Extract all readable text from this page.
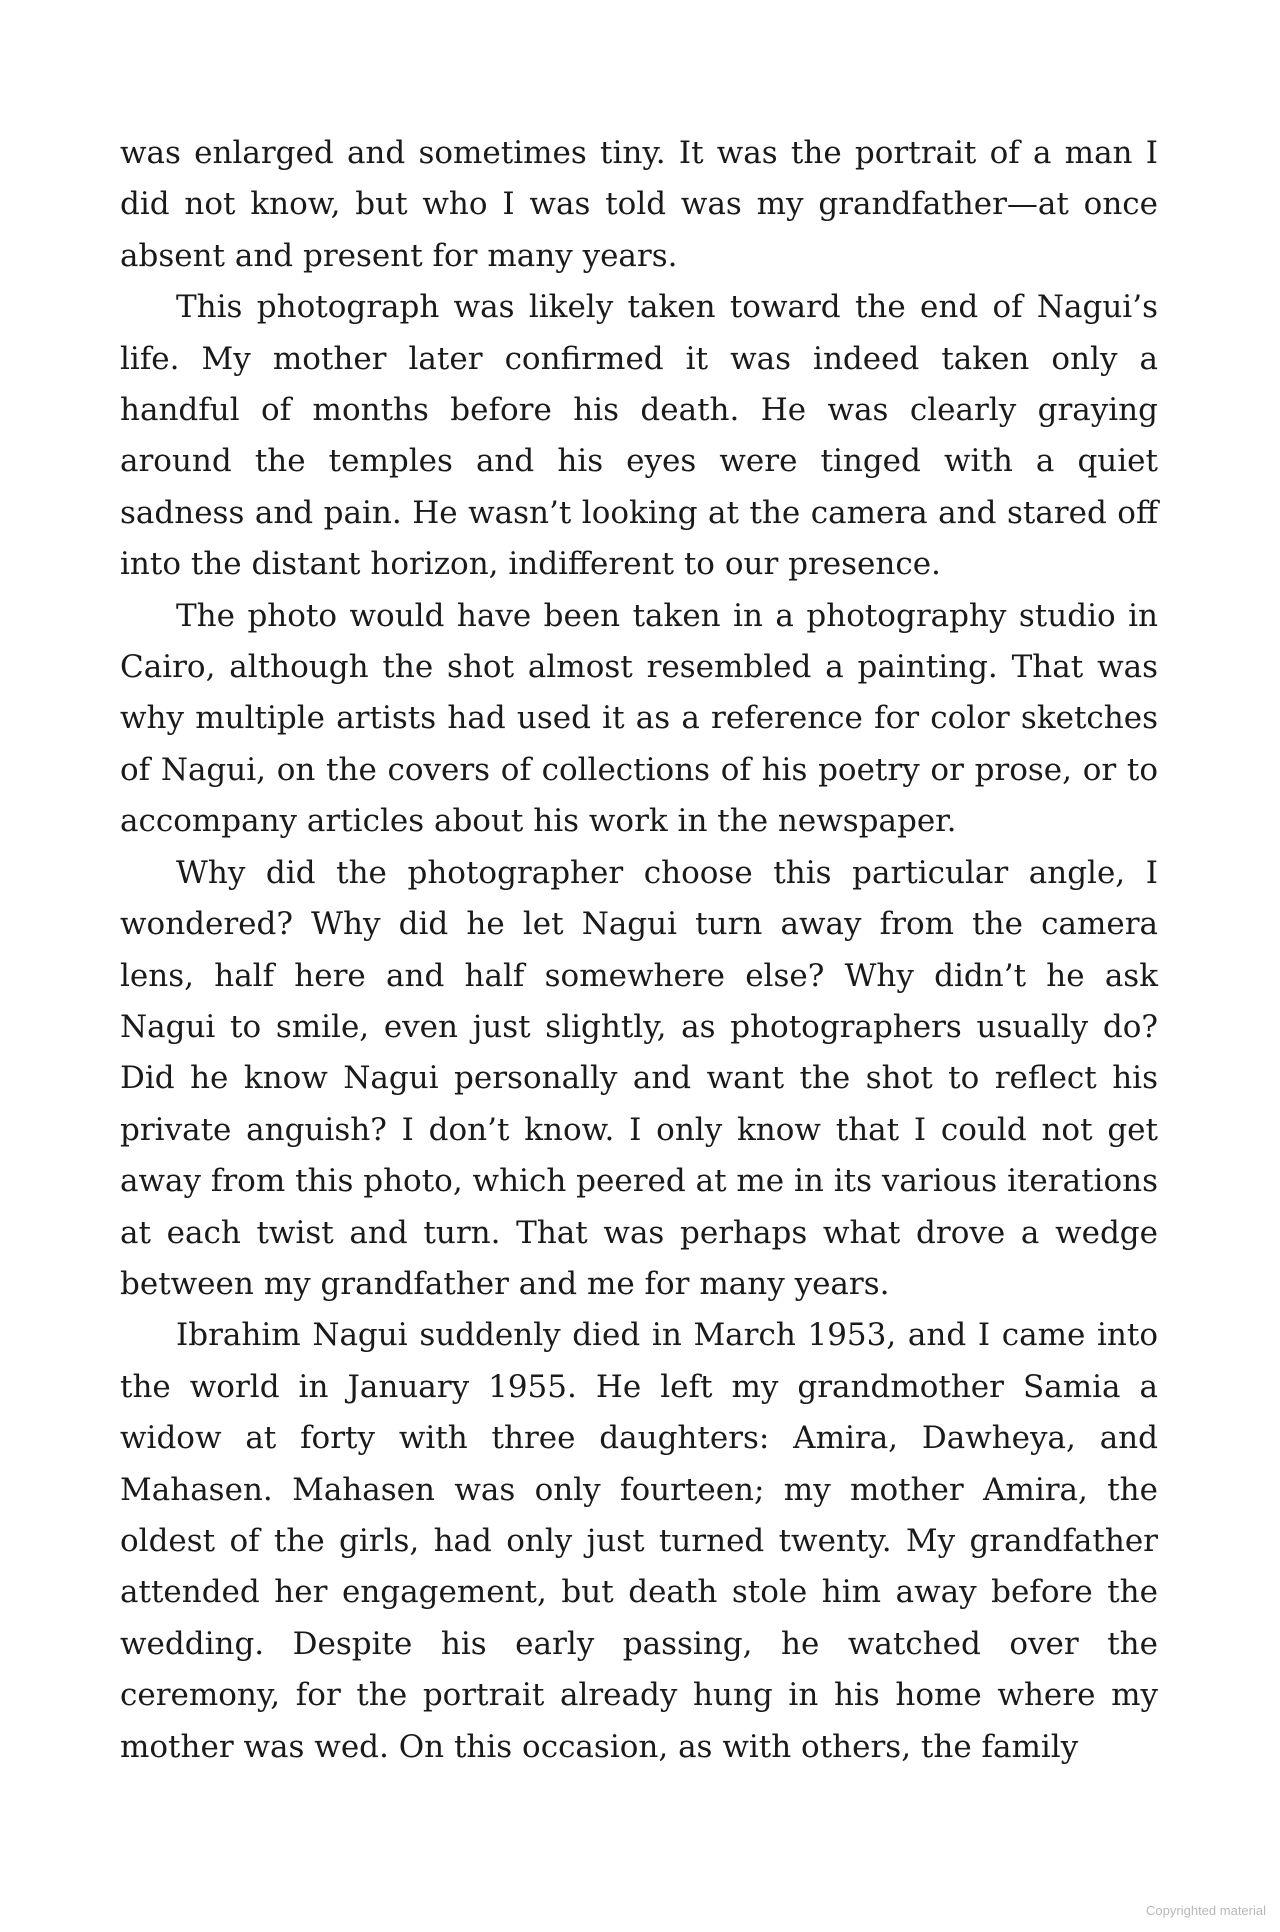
was enlarged and sometimes tiny. It was the portrait of a man I did not know, but who I was told was my grandfather—at once absent and present for many years.

This photograph was likely taken toward the end of Nagui’s life. My mother later confirmed it was indeed taken only a handful of months before his death. He was clearly graying around the temples and his eyes were tinged with a quiet sadness and pain. He wasn’t looking at the camera and stared off into the distant horizon, indifferent to our presence.

The photo would have been taken in a photography studio in Cairo, although the shot almost resembled a painting. That was why multiple artists had used it as a reference for color sketches of Nagui, on the covers of collections of his poetry or prose, or to accompany articles about his work in the newspaper.

Why did the photographer choose this particular angle, I wondered? Why did he let Nagui turn away from the camera lens, half here and half somewhere else? Why didn’t he ask Nagui to smile, even just slightly, as photographers usually do? Did he know Nagui personally and want the shot to reflect his private anguish? I don’t know. I only know that I could not get away from this photo, which peered at me in its various iterations at each twist and turn. That was perhaps what drove a wedge between my grandfather and me for many years.

Ibrahim Nagui suddenly died in March 1953, and I came into the world in January 1955. He left my grandmother Samia a widow at forty with three daughters: Amira, Dawheya, and Mahasen. Mahasen was only fourteen; my mother Amira, the oldest of the girls, had only just turned twenty. My grandfather attended her engagement, but death stole him away before the wedding. Despite his early passing, he watched over the ceremony, for the portrait already hung in his home where my mother was wed. On this occasion, as with others, the family

Copyrighted material
